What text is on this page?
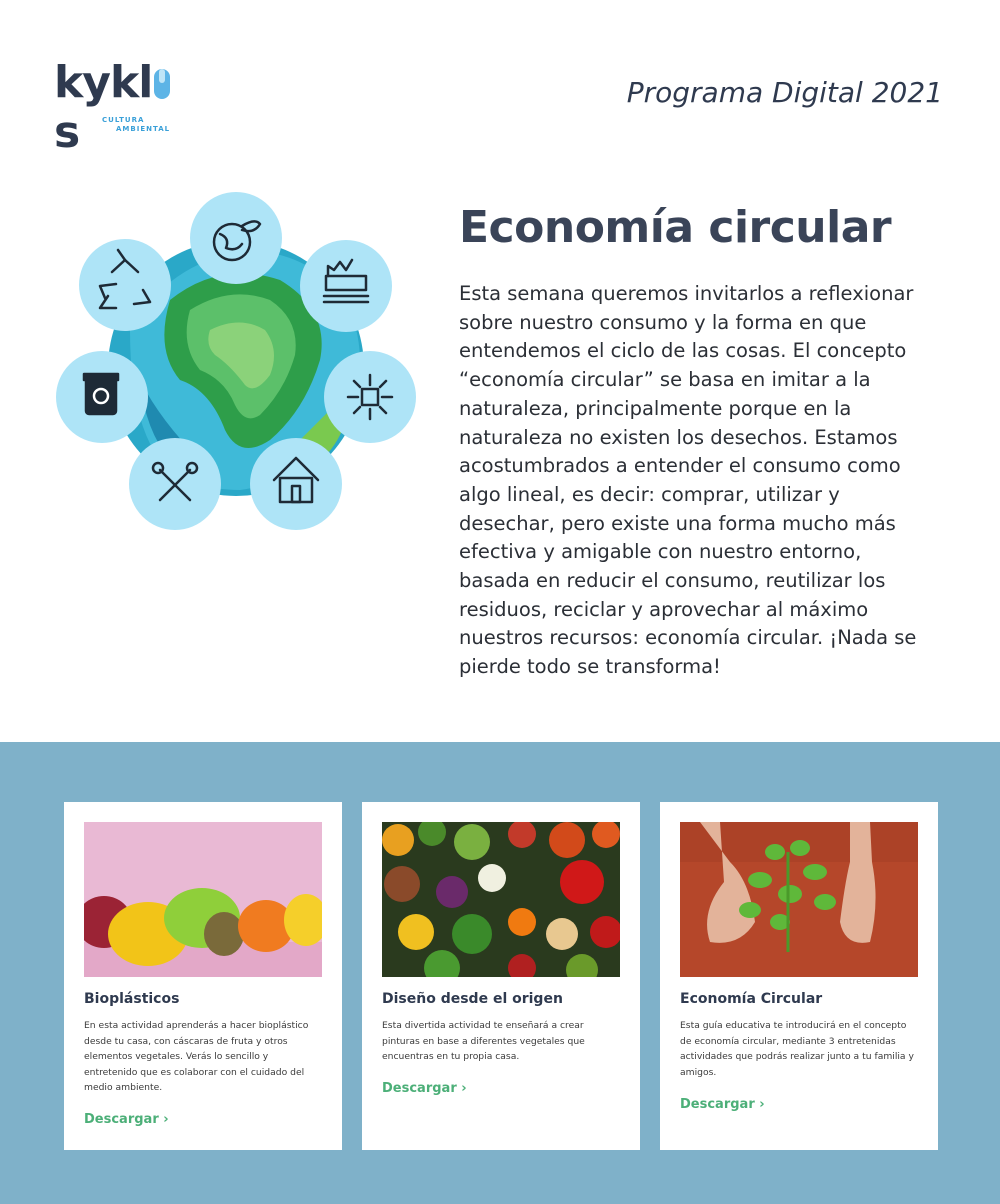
kykls	CULTURA
AMBIENTAL
Programa Digital 2021
Economía circular
Esta semana queremos invitarlos a reflexionar sobre nuestro consumo y la forma en que entendemos el ciclo de las cosas. El concepto “economía circular” se basa en imitar a la naturaleza, principalmente porque en la naturaleza no existen los desechos. Estamos acostumbrados a entender el consumo como algo lineal, es decir: comprar, utilizar y desechar, pero existe una forma mucho más efectiva y amigable con nuestro entorno, basada en reducir el consumo, reutilizar los residuos, reciclar y aprovechar al máximo nuestros recursos: economía circular. ¡Nada se pierde todo se transforma!
Bioplásticos

En esta actividad aprenderás a hacer bioplástico desde tu casa, con cáscaras de fruta y otros elementos vegetales. Verás lo sencillo y entretenido que es colaborar con el cuidado del medio ambiente.

Descargar ›
Diseño desde el origen

Esta divertida actividad te enseñará a crear pinturas en base a diferentes vegetales que encuentras en tu propia casa.

Descargar ›
Economía Circular

Esta guía educativa te introducirá en el concepto de economía circular, mediante 3 entretenidas actividades que podrás realizar junto a tu familia y amigos.

Descargar ›
